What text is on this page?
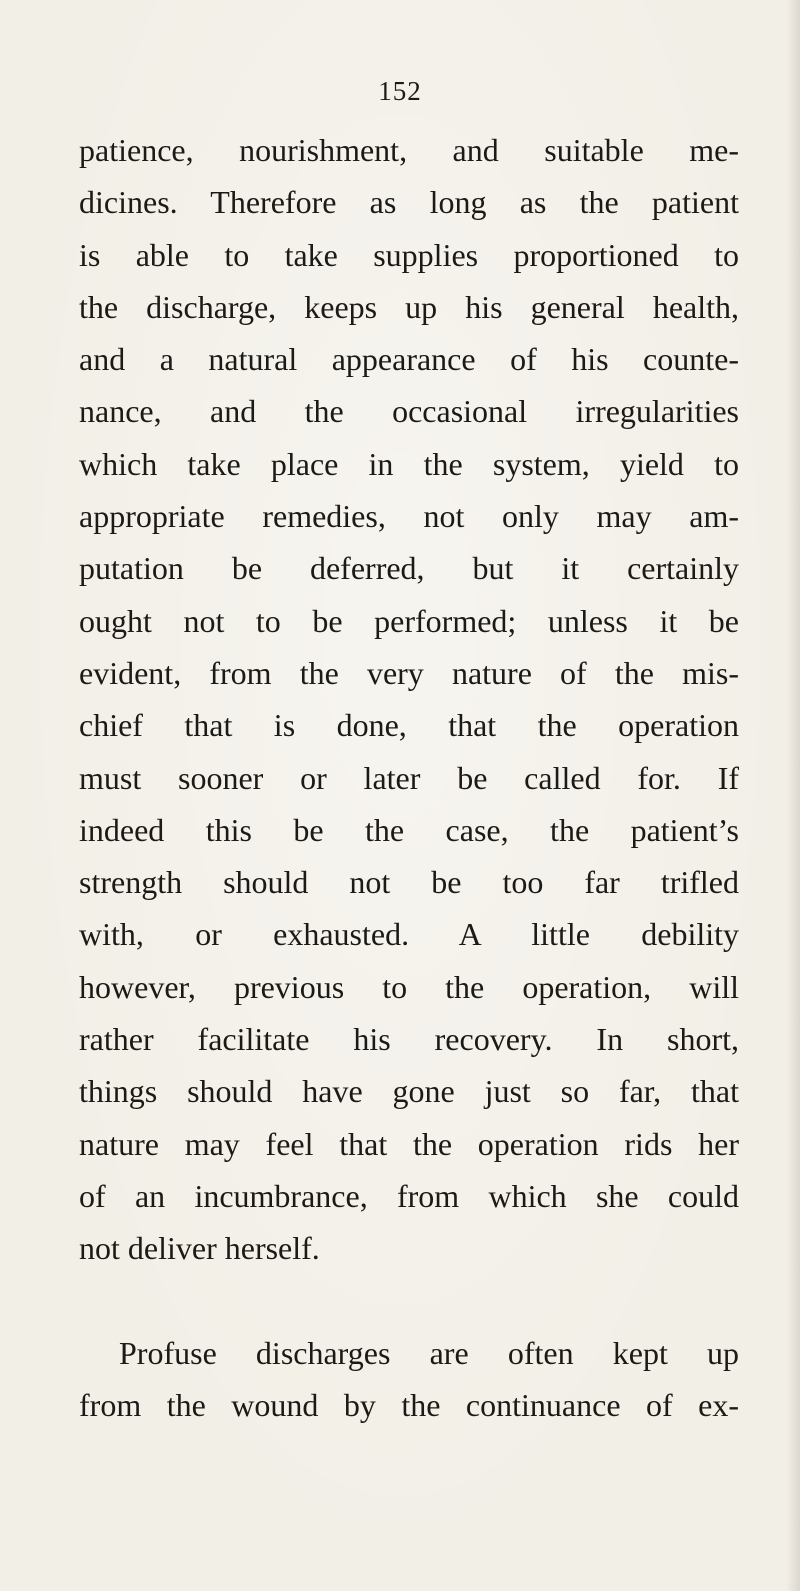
152
patience, nourishment, and suitable me-
dicines. Therefore as long as the patient
is able to take supplies proportioned to
the discharge, keeps up his general health,
and a natural appearance of his counte-
nance, and the occasional irregularities
which take place in the system, yield to
appropriate remedies, not only may am-
putation be deferred, but it certainly
ought not to be performed; unless it be
evident, from the very nature of the mis-
chief that is done, that the operation
must sooner or later be called for. If
indeed this be the case, the patient’s
strength should not be too far trifled
with, or exhausted. A little debility
however, previous to the operation, will
rather facilitate his recovery. In short,
things should have gone just so far, that
nature may feel that the operation rids her
of an incumbrance, from which she could
not deliver herself.
Profuse discharges are often kept up
from the wound by the continuance of ex-
